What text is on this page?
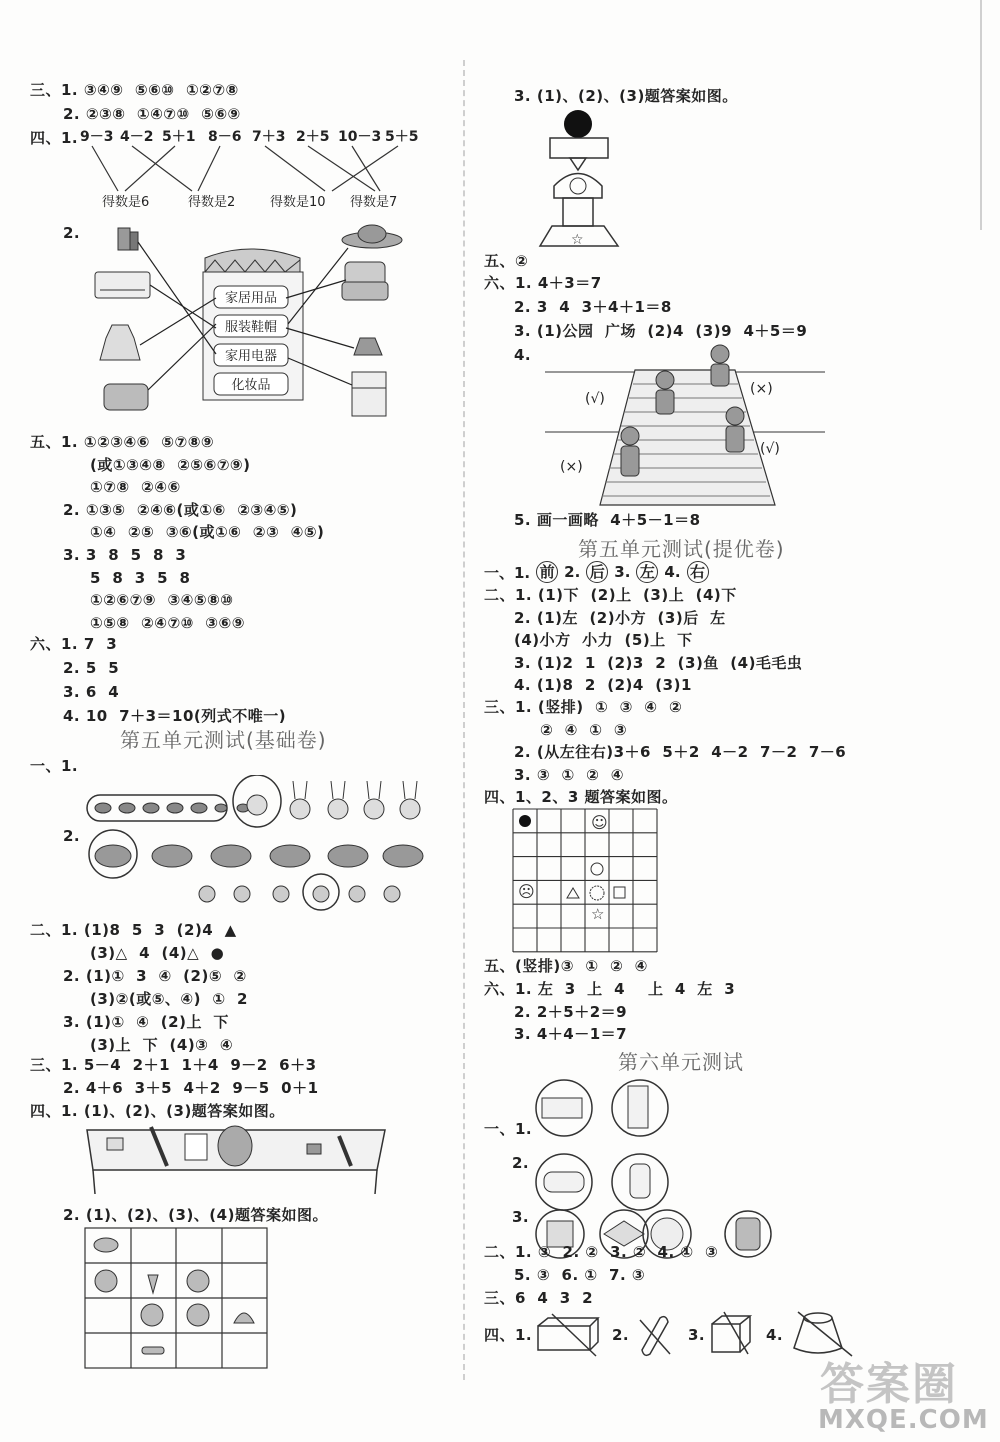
三、1. ③④⑨  ⑤⑥⑩  ①②⑦⑧
2. ②③⑧  ①④⑦⑩  ⑤⑥⑨
四、1. 9－3 4－2 5＋1 8－6 7＋3 2＋5 10－3 5＋5
得数是6	得数是2	得数是10 得数是7
2.
家居用品
服装鞋帽
家用电器
化妆品
五、1. ①②③④⑥  ⑤⑦⑧⑨
(或①③④⑧  ②⑤⑥⑦⑨)
①⑦⑧  ②④⑥
2. ①③⑤  ②④⑥(或①⑥  ②③④⑤)
①④  ②⑤  ③⑥(或①⑥  ②③  ④⑤)
3. 3  8  5  8  3
5  8  3  5  8
①②⑥⑦⑨  ③④⑤⑧⑩
①⑤⑧  ②④⑦⑩  ③⑥⑨
六、1. 7  3
2. 5  5
3. 6  4
4. 10  7＋3＝10(列式不唯一)
第五单元测试(基础卷)
一、1.
2.
二、1. (1)8  5  3  (2)4  ▲
(3)△  4  (4)△  ●
2. (1)①  3  ④  (2)⑤  ②
(3)②(或⑤、④)  ①  2
3. (1)①  ④  (2)上  下
(3)上  下  (4)③  ④
三、1. 5－4  2＋1  1＋4  9－2  6＋3
2. 4＋6  3＋5  4＋2  9－5  0＋1
四、1. (1)、(2)、(3)题答案如图。
2. (1)、(2)、(3)、(4)题答案如图。
3. (1)、(2)、(3)题答案如图。
☆
五、②
六、1. 4＋3＝7
2. 3  4  3＋4＋1＝8
3. (1)公园  广场  (2)4  (3)9  4＋5＝9
4.
(√)
(×)
(√)
(×)
5. 画一画略  4＋5－1＝8
第五单元测试(提优卷)
一、1. 前 2. 后 3. 左 4. 右
二、1. (1)下  (2)上  (3)上  (4)下
2. (1)左  (2)小方  (3)后  左
(4)小方  小力  (5)上  下
3. (1)2  1  (2)3  2  (3)鱼  (4)毛毛虫
4. (1)8  2  (2)4  (3)1
三、1. (竖排)  ①  ③  ④  ②
②  ④  ①  ③
2. (从左往右)3＋6  5＋2  4－2  7－2  7－6
3. ③  ①  ②  ④
四、1、2、3 题答案如图。
☺
☹
☆
五、(竖排)③  ①  ②  ④
六、1. 左  3  上  4    上  4  左  3
2. 2＋5＋2＝9
3. 4＋4－1＝7
第六单元测试
一、1.
2.
3.
二、1. ③  2. ②  3. ②  4. ①  ③
5. ③  6. ①  7. ③
三、6  4  3  2
四、1.	2.	3.	4.
答案圈
MXQE.COM
